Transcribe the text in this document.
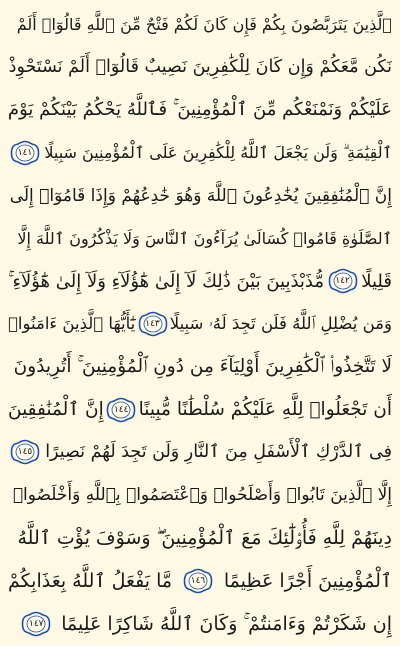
ٱلَّذِينَ يَتَرَبَّصُونَ بِكُمْ فَإِن كَانَ لَكُمْ فَتْحٌ مِّنَ ٱللَّهِ قَالُوٓا۟ أَلَمْ
نَكُن مَّعَكُمْ وَإِن كَانَ لِلْكَٰفِرِينَ نَصِيبٌ قَالُوٓا۟ أَلَمْ نَسْتَحْوِذْ
عَلَيْكُمْ وَنَمْنَعْكُم مِّنَ ٱلْمُؤْمِنِينَ ۚ فَٱللَّهُ يَحْكُمُ بَيْنَكُمْ يَوْمَ
ٱلْقِيَٰمَةِ ۗ وَلَن يَجْعَلَ ٱللَّهُ لِلْكَٰفِرِينَ عَلَى ٱلْمُؤْمِنِينَ سَبِيلًا
١٤١
إِنَّ ٱلْمُنَٰفِقِينَ يُخَٰدِعُونَ ٱللَّهَ وَهُوَ خَٰدِعُهُمْ وَإِذَا قَامُوٓا۟ إِلَى
ٱلصَّلَوٰةِ قَامُوا۟ كُسَالَىٰ يُرَآءُونَ ٱلنَّاسَ وَلَا يَذْكُرُونَ ٱللَّهَ إِلَّا
قَلِيلًا
١٤٢
مُّذَبْذَبِينَ بَيْنَ ذَٰلِكَ لَآ إِلَىٰ هَٰٓؤُلَآءِ وَلَآ إِلَىٰ هَٰٓؤُلَآءِ ۚ
وَمَن يُضْلِلِ ٱللَّهُ فَلَن تَجِدَ لَهُۥ سَبِيلًا
١٤٣
يَٰٓأَيُّهَا ٱلَّذِينَ ءَامَنُوا۟
لَا تَتَّخِذُوا۟ ٱلْكَٰفِرِينَ أَوْلِيَآءَ مِن دُونِ ٱلْمُؤْمِنِينَ ۚ أَتُرِيدُونَ
أَن تَجْعَلُوا۟ لِلَّهِ عَلَيْكُمْ سُلْطَٰنًا مُّبِينًا
١٤٤
إِنَّ ٱلْمُنَٰفِقِينَ
فِى ٱلدَّرْكِ ٱلْأَسْفَلِ مِنَ ٱلنَّارِ وَلَن تَجِدَ لَهُمْ نَصِيرًا
١٤٥
إِلَّا ٱلَّذِينَ تَابُوا۟ وَأَصْلَحُوا۟ وَٱعْتَصَمُوا۟ بِٱللَّهِ وَأَخْلَصُوا۟
دِينَهُمْ لِلَّهِ فَأُو۟لَٰٓئِكَ مَعَ ٱلْمُؤْمِنِينَ ۖ وَسَوْفَ يُؤْتِ ٱللَّهُ
ٱلْمُؤْمِنِينَ أَجْرًا عَظِيمًا
١٤٦
مَّا يَفْعَلُ ٱللَّهُ بِعَذَابِكُمْ
إِن شَكَرْتُمْ وَءَامَنتُمْ ۚ وَكَانَ ٱللَّهُ شَاكِرًا عَلِيمًا
١٤٧
